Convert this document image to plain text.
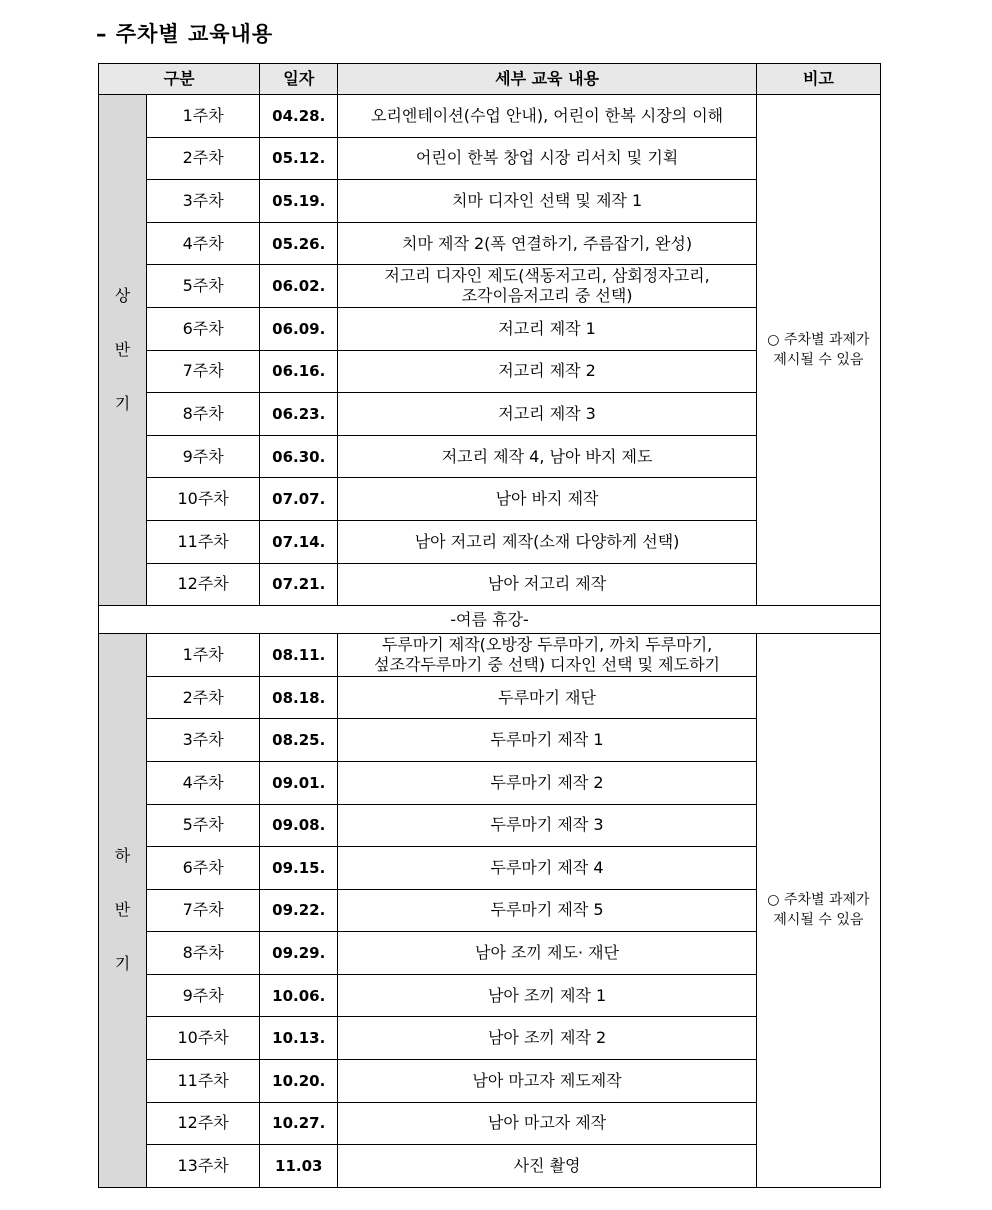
– 주차별 교육내용
구분		일자	세부 교육 내용	비고

상
반
기	1주차	04.28.	오리엔테이션(수업 안내), 어린이 한복 시장의 이해	○ 주차별 과제가
제시될 수 있음
	2주차	05.12.	어린이 한복 창업 시장 리서치 및 기획	
	3주차	05.19.	치마 디자인 선택 및 제작 1	
	4주차	05.26.	치마 제작 2(폭 연결하기, 주름잡기, 완성)	
	5주차	06.02.	저고리 디자인 제도(색동저고리, 삼회정자고리,
조각이음저고리 중 선택)	
	6주차	06.09.	저고리 제작 1	
	7주차	06.16.	저고리 제작 2	
	8주차	06.23.	저고리 제작 3	
	9주차	06.30.	저고리 제작 4, 남아 바지 제도	
	10주차	07.07.	남아 바지 제작	
	11주차	07.14.	남아 저고리 제작(소재 다양하게 선택)	
	12주차	07.21.	남아 저고리 제작	
-여름 휴강-				

하
반
기	1주차	08.11.	두루마기 제작(오방장 두루마기, 까치 두루마기,
섶조각두루마기 중 선택) 디자인 선택 및 제도하기	○ 주차별 과제가
제시될 수 있음
	2주차	08.18.	두루마기 재단	
	3주차	08.25.	두루마기 제작 1	
	4주차	09.01.	두루마기 제작 2	
	5주차	09.08.	두루마기 제작 3	
	6주차	09.15.	두루마기 제작 4	
	7주차	09.22.	두루마기 제작 5	
	8주차	09.29.	남아 조끼 제도· 재단	
	9주차	10.06.	남아 조끼 제작 1	
	10주차	10.13.	남아 조끼 제작 2	
	11주차	10.20.	남아 마고자 제도제작	
	12주차	10.27.	남아 마고자 제작	
	13주차	11.03	사진 촬영	
